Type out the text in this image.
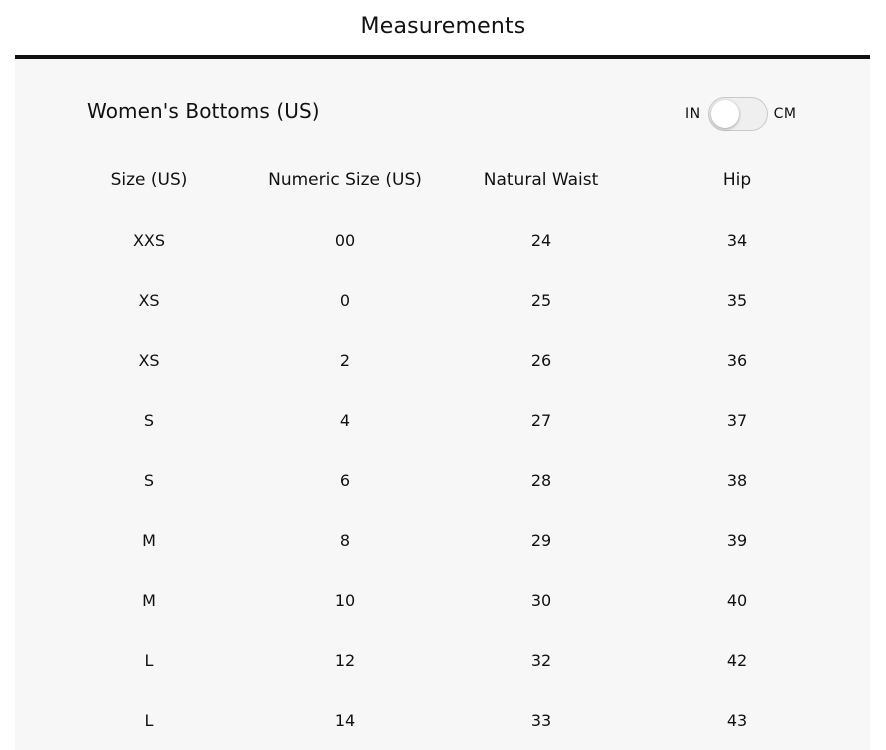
Measurements
Women's Bottoms (US)	IN	CM
Size (US)	Numeric Size (US)	Natural Waist	Hip
XXS	00	24	34
XS	0	25	35
XS	2	26	36
S	4	27	37
S	6	28	38
M	8	29	39
M	10	30	40
L	12	32	42
L	14	33	43
